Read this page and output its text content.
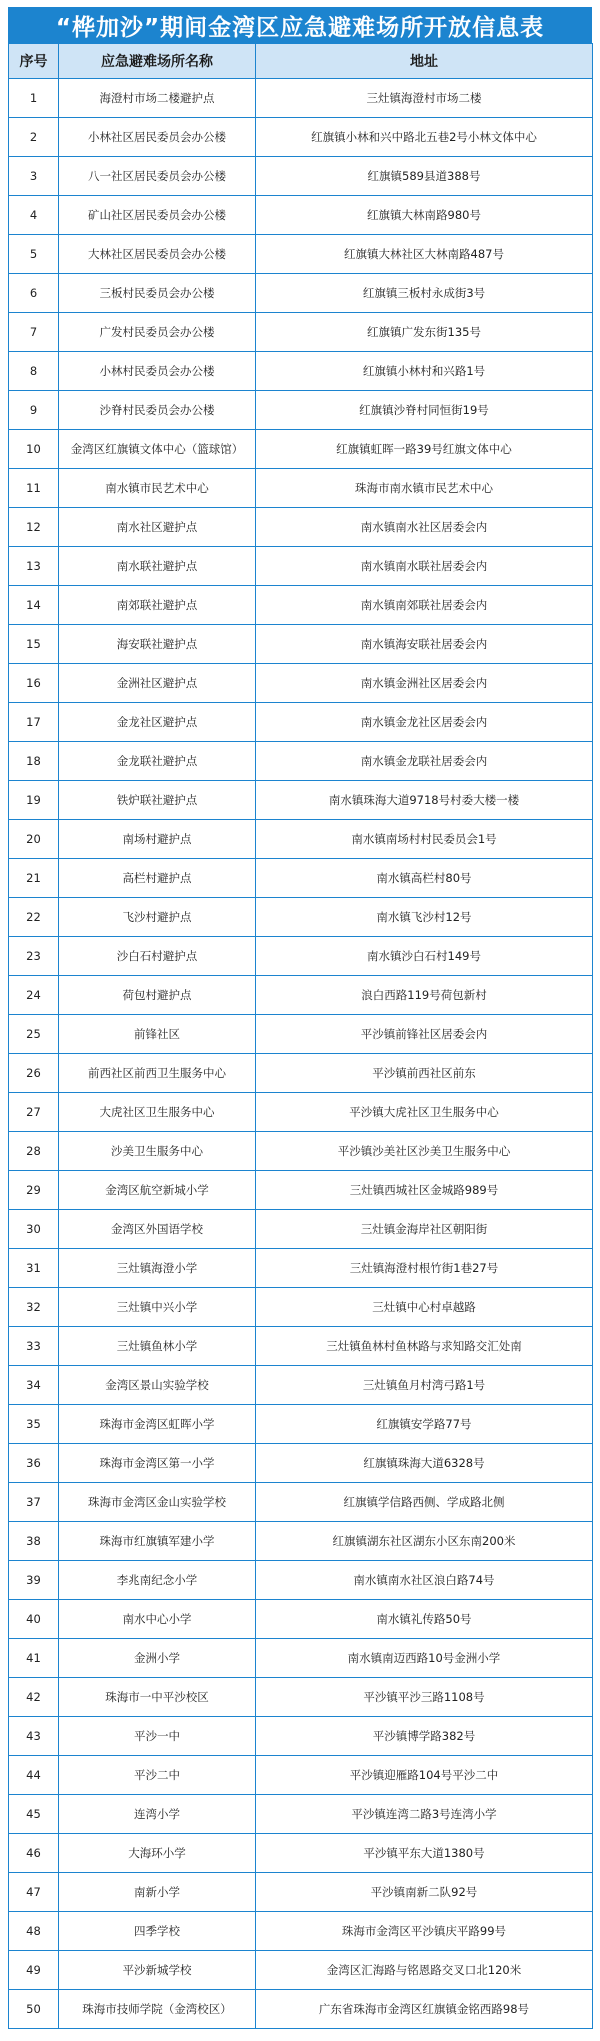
“桦加沙”期间金湾区应急避难场所开放信息表
序号	应急避难场所名称	地址
1	海澄村市场二楼避护点	三灶镇海澄村市场二楼
2	小林社区居民委员会办公楼	红旗镇小林和兴中路北五巷2号小林文体中心
3	八一社区居民委员会办公楼	红旗镇589县道388号
4	矿山社区居民委员会办公楼	红旗镇大林南路980号
5	大林社区居民委员会办公楼	红旗镇大林社区大林南路487号
6	三板村民委员会办公楼	红旗镇三板村永成街3号
7	广发村民委员会办公楼	红旗镇广发东街135号
8	小林村民委员会办公楼	红旗镇小林村和兴路1号
9	沙脊村民委员会办公楼	红旗镇沙脊村同恒街19号
10	金湾区红旗镇文体中心（篮球馆）	红旗镇虹晖一路39号红旗文体中心
11	南水镇市民艺术中心	珠海市南水镇市民艺术中心
12	南水社区避护点	南水镇南水社区居委会内
13	南水联社避护点	南水镇南水联社居委会内
14	南郊联社避护点	南水镇南郊联社居委会内
15	海安联社避护点	南水镇海安联社居委会内
16	金洲社区避护点	南水镇金洲社区居委会内
17	金龙社区避护点	南水镇金龙社区居委会内
18	金龙联社避护点	南水镇金龙联社居委会内
19	铁炉联社避护点	南水镇珠海大道9718号村委大楼一楼
20	南场村避护点	南水镇南场村村民委员会1号
21	高栏村避护点	南水镇高栏村80号
22	飞沙村避护点	南水镇飞沙村12号
23	沙白石村避护点	南水镇沙白石村149号
24	荷包村避护点	浪白西路119号荷包新村
25	前锋社区	平沙镇前锋社区居委会内
26	前西社区前西卫生服务中心	平沙镇前西社区前东
27	大虎社区卫生服务中心	平沙镇大虎社区卫生服务中心
28	沙美卫生服务中心	平沙镇沙美社区沙美卫生服务中心
29	金湾区航空新城小学	三灶镇西城社区金城路989号
30	金湾区外国语学校	三灶镇金海岸社区朝阳街
31	三灶镇海澄小学	三灶镇海澄村根竹街1巷27号
32	三灶镇中兴小学	三灶镇中心村卓越路
33	三灶镇鱼林小学	三灶镇鱼林村鱼林路与求知路交汇处南
34	金湾区景山实验学校	三灶镇鱼月村湾弓路1号
35	珠海市金湾区虹晖小学	红旗镇安学路77号
36	珠海市金湾区第一小学	红旗镇珠海大道6328号
37	珠海市金湾区金山实验学校	红旗镇学信路西侧、学成路北侧
38	珠海市红旗镇军建小学	红旗镇湖东社区湖东小区东南200米
39	李兆南纪念小学	南水镇南水社区浪白路74号
40	南水中心小学	南水镇礼传路50号
41	金洲小学	南水镇南迈西路10号金洲小学
42	珠海市一中平沙校区	平沙镇平沙三路1108号
43	平沙一中	平沙镇博学路382号
44	平沙二中	平沙镇迎雁路104号平沙二中
45	连湾小学	平沙镇连湾二路3号连湾小学
46	大海环小学	平沙镇平东大道1380号
47	南新小学	平沙镇南新二队92号
48	四季学校	珠海市金湾区平沙镇庆平路99号
49	平沙新城学校	金湾区汇海路与铭恩路交叉口北120米
50	珠海市技师学院（金湾校区）	广东省珠海市金湾区红旗镇金铭西路98号
